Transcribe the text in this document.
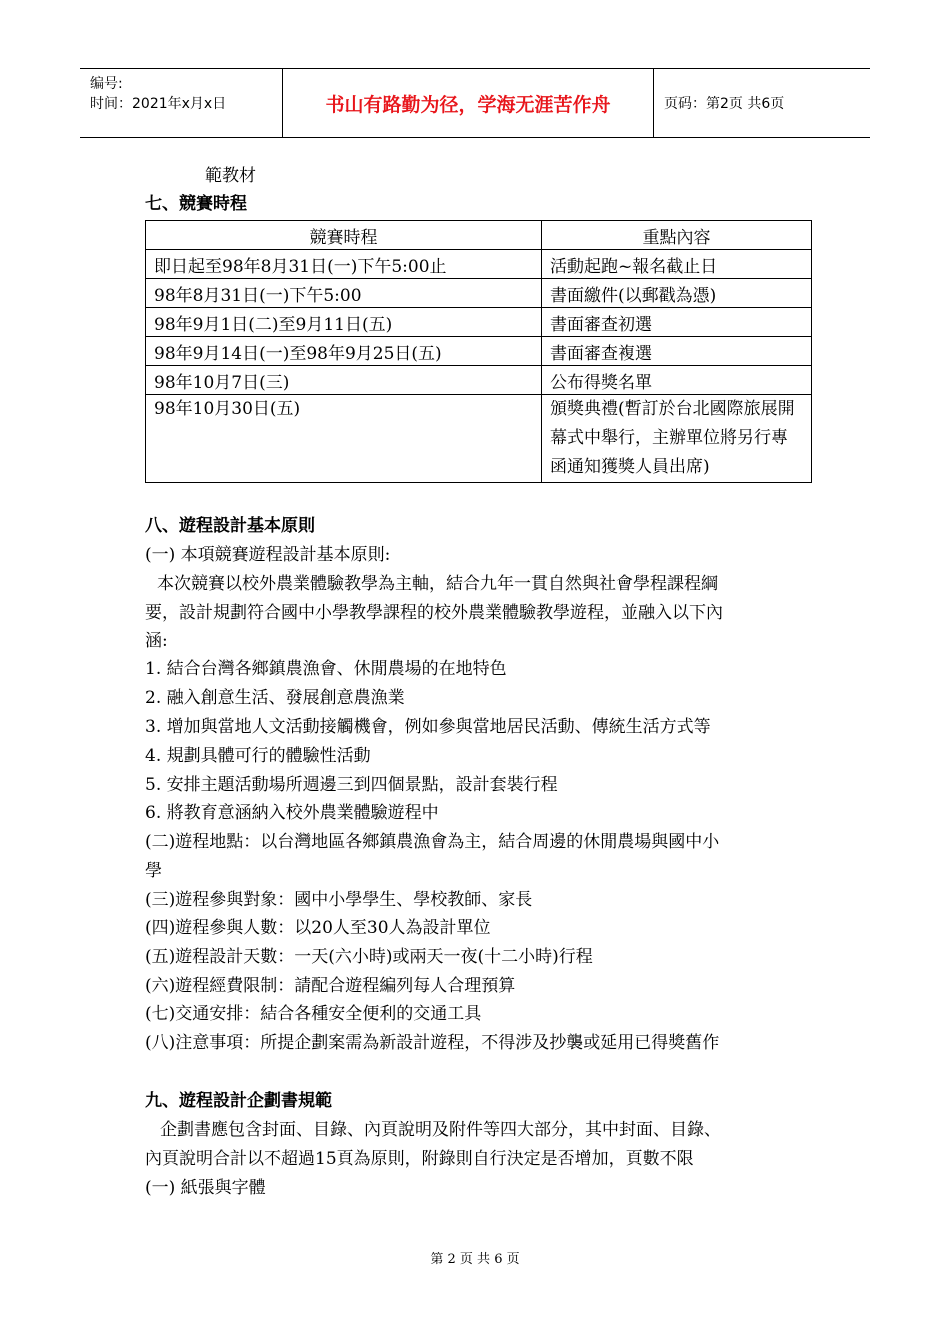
编号:
时间：2021年x月x日	书山有路勤为径，学海无涯苦作舟	页码：第2页 共6页
範教材
七、競賽時程
競賽時程	重點內容
即日起至98年8月31日(一)下午5:00止	活動起跑~報名截止日
98年8月31日(一)下午5:00	書面繳件(以郵戳為憑)
98年9月1日(二)至9月11日(五)	書面審查初選
98年9月14日(一)至98年9月25日(五)	書面審查複選
98年10月7日(三)	公布得獎名單
98年10月30日(五)	頒獎典禮(暫訂於台北國際旅展開幕式中舉行，主辦單位將另行專函通知獲獎人員出席)
八、遊程設計基本原則
(一) 本項競賽遊程設計基本原則:
本次競賽以校外農業體驗教學為主軸，結合九年一貫自然與社會學程課程綱
要，設計規劃符合國中小學教學課程的校外農業體驗教學遊程，並融入以下內
涵:
1. 結合台灣各鄉鎮農漁會、休閒農場的在地特色
2. 融入創意生活、發展創意農漁業
3. 增加與當地人文活動接觸機會，例如參與當地居民活動、傳統生活方式等
4. 規劃具體可行的體驗性活動
5. 安排主題活動場所週邊三到四個景點，設計套裝行程
6. 將教育意涵納入校外農業體驗遊程中
(二)遊程地點：以台灣地區各鄉鎮農漁會為主，結合周邊的休閒農場與國中小
學
(三)遊程參與對象：國中小學學生、學校教師、家長
(四)遊程參與人數：以20人至30人為設計單位
(五)遊程設計天數：一天(六小時)或兩天一夜(十二小時)行程
(六)遊程經費限制：請配合遊程編列每人合理預算
(七)交通安排：結合各種安全便利的交通工具
(八)注意事項：所提企劃案需為新設計遊程，不得涉及抄襲或延用已得獎舊作
九、遊程設計企劃書規範
企劃書應包含封面、目錄、內頁說明及附件等四大部分，其中封面、目錄、
內頁說明合計以不超過15頁為原則，附錄則自行決定是否增加，頁數不限
(一) 紙張與字體
第 2 页 共 6 页
